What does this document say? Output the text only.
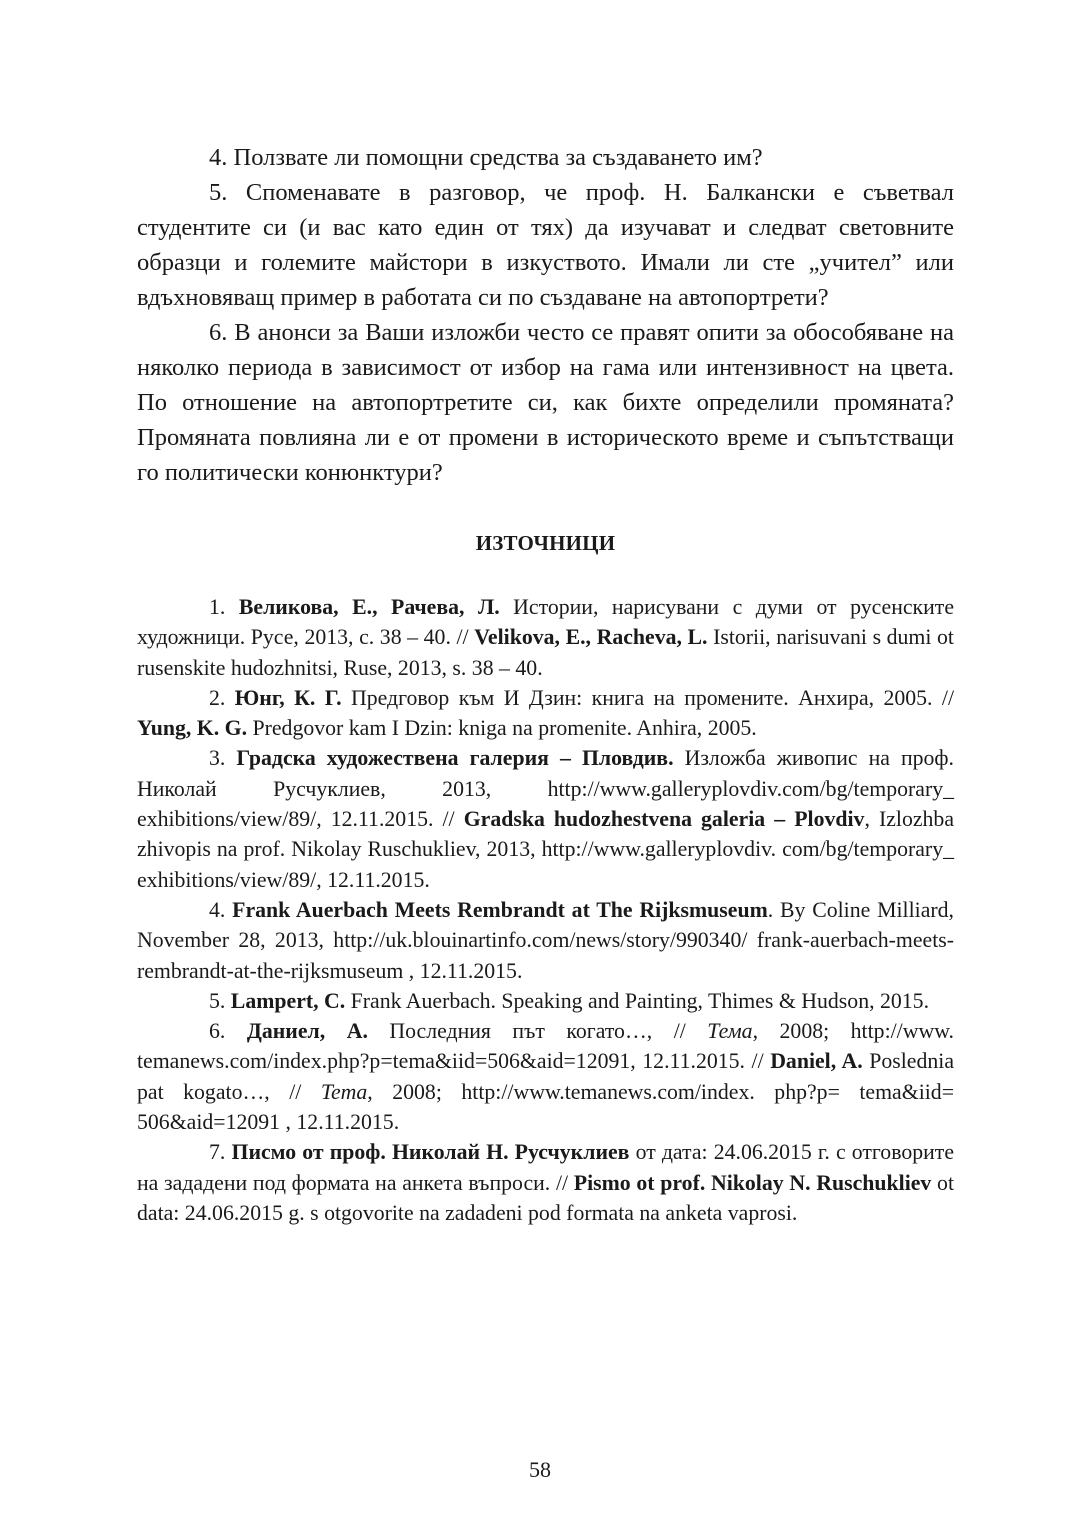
4. Ползвате ли помощни средства за създаването им?

5. Споменавате в разговор, че проф. Н. Балкански е съветвал студентите си (и вас като един от тях) да изучават и следват световните образци и големите майстори в изкуството. Имали ли сте „учител” или вдъхновяващ пример в работата си по създаване на автопортрети?

6. В анонси за Ваши изложби често се правят опити за обособяване на няколко периода в зависимост от избор на гама или интензивност на цвета. По отношение на автопортретите си, как бихте определили промяната? Промяната повлияна ли е от промени в историческото време и съпътстващи го политически конюнктури?

ИЗТОЧНИЦИ

1. Великова, Е., Рачева, Л. Истории, нарисувани с думи от русенските художници. Русе, 2013, с. 38 – 40. // Velikova, E., Racheva, L. Istorii, narisuvani s dumi ot rusenskite hudozhnitsi, Ruse, 2013, s. 38 – 40.

2. Юнг, К. Г. Предговор към И Дзин: книга на промените. Анхира, 2005. // Yung, K. G. Predgovor kam I Dzin: kniga na promenite. Anhira, 2005.

3. Градска художествена галерия – Пловдив. Изложба живопис на проф. Николай Русчуклиев, 2013, http://www.galleryplovdiv.com/bg/temporary_ exhibitions/view/89/, 12.11.2015. // Gradska hudozhestvena galeria – Plovdiv, Izlozhba zhivopis na prof. Nikolay Ruschukliev, 2013, http://www.galleryplovdiv. com/bg/temporary_ exhibitions/view/89/, 12.11.2015.

4. Frank Auerbach Meets Rembrandt at The Rijksmuseum. By Coline Milliard, November 28, 2013, http://uk.blouinartinfo.com/news/story/990340/ frank-auerbach-meets-rembrandt-at-the-rijksmuseum , 12.11.2015.

5. Lampert, C. Frank Auerbach. Speaking and Painting, Thimes & Hudson, 2015.

6. Даниел, А. Последния път когато…, // Тема, 2008; http://www. temanews.com/index.php?p=tema&iid=506&aid=12091, 12.11.2015. // Daniel, A. Poslednia pat kogato…, // Tema, 2008; http://www.temanews.com/index. php?p= tema&iid= 506&aid=12091 , 12.11.2015.

7. Писмо от проф. Николай Н. Русчуклиев от дата: 24.06.2015 г. с отговорите на зададени под формата на анкета въпроси. // Pismo ot prof. Nikolay N. Ruschukliev ot data: 24.06.2015 g. s otgovorite na zadadeni pod formata na anketa vaprosi.

58
